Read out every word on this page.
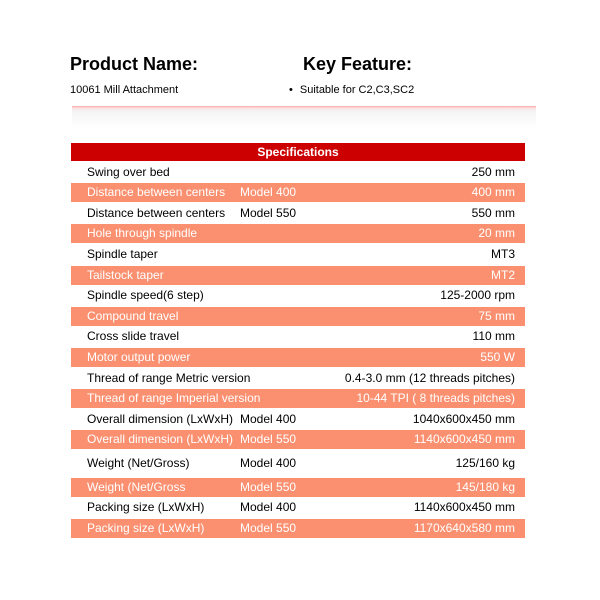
Product Name:	Key Feature:
10061 Mill Attachment
•	Suitable for C2,C3,SC2
Specifications
Swing over bed	250 mm
Distance between centers Model 400	400 mm
Distance between centers Model 550	550 mm
Hole through spindle	20 mm
Spindle taper	MT3
Tailstock taper	MT2
Spindle speed(6 step)	125-2000 rpm
Compound travel	75 mm
Cross slide travel	110 mm
Motor output power	550 W
Thread of range Metric version	0.4-3.0 mm (12 threads pitches)
Thread of range Imperial version	10-44 TPI ( 8 threads pitches)
Overall dimension (LxWxH) Model 400	1040x600x450 mm
Overall dimension (LxWxH) Model 550	1140x600x450 mm
Weight (Net/Gross)	Model 400	125/160 kg
Weight (Net/Gross	Model 550	145/180 kg
Packing size (LxWxH)	Model 400	1140x600x450 mm
Packing size (LxWxH)	Model 550	1170x640x580 mm
